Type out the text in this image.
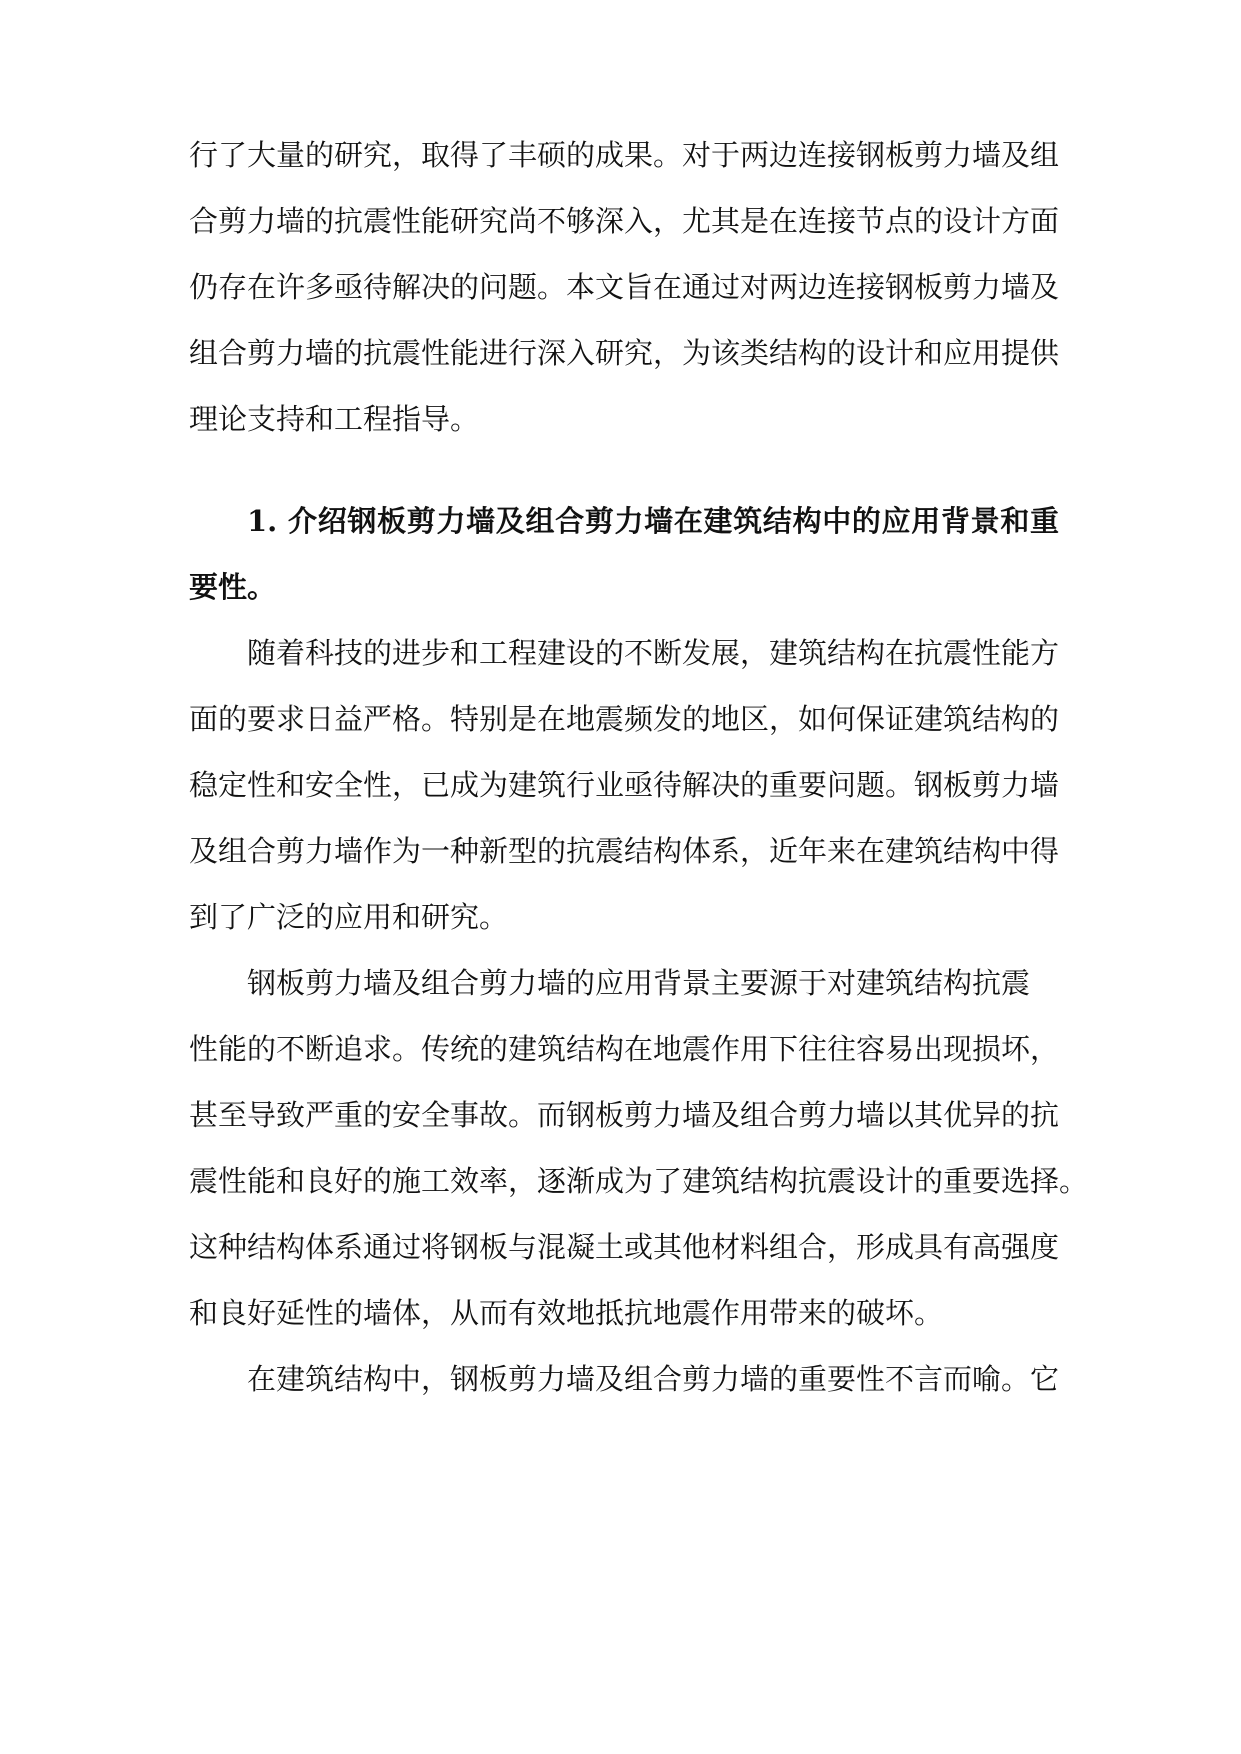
行了大量的研究，取得了丰硕的成果。对于两边连接钢板剪力墙及组
合剪力墙的抗震性能研究尚不够深入，尤其是在连接节点的设计方面
仍存在许多亟待解决的问题。本文旨在通过对两边连接钢板剪力墙及
组合剪力墙的抗震性能进行深入研究，为该类结构的设计和应用提供
理论支持和工程指导。
1. 介绍钢板剪力墙及组合剪力墙在建筑结构中的应用背景和重
要性。
随着科技的进步和工程建设的不断发展，建筑结构在抗震性能方
面的要求日益严格。特别是在地震频发的地区，如何保证建筑结构的
稳定性和安全性，已成为建筑行业亟待解决的重要问题。钢板剪力墙
及组合剪力墙作为一种新型的抗震结构体系，近年来在建筑结构中得
到了广泛的应用和研究。
钢板剪力墙及组合剪力墙的应用背景主要源于对建筑结构抗震
性能的不断追求。传统的建筑结构在地震作用下往往容易出现损坏，
甚至导致严重的安全事故。而钢板剪力墙及组合剪力墙以其优异的抗
震性能和良好的施工效率，逐渐成为了建筑结构抗震设计的重要选择。
这种结构体系通过将钢板与混凝土或其他材料组合，形成具有高强度
和良好延性的墙体，从而有效地抵抗地震作用带来的破坏。
在建筑结构中，钢板剪力墙及组合剪力墙的重要性不言而喻。它
